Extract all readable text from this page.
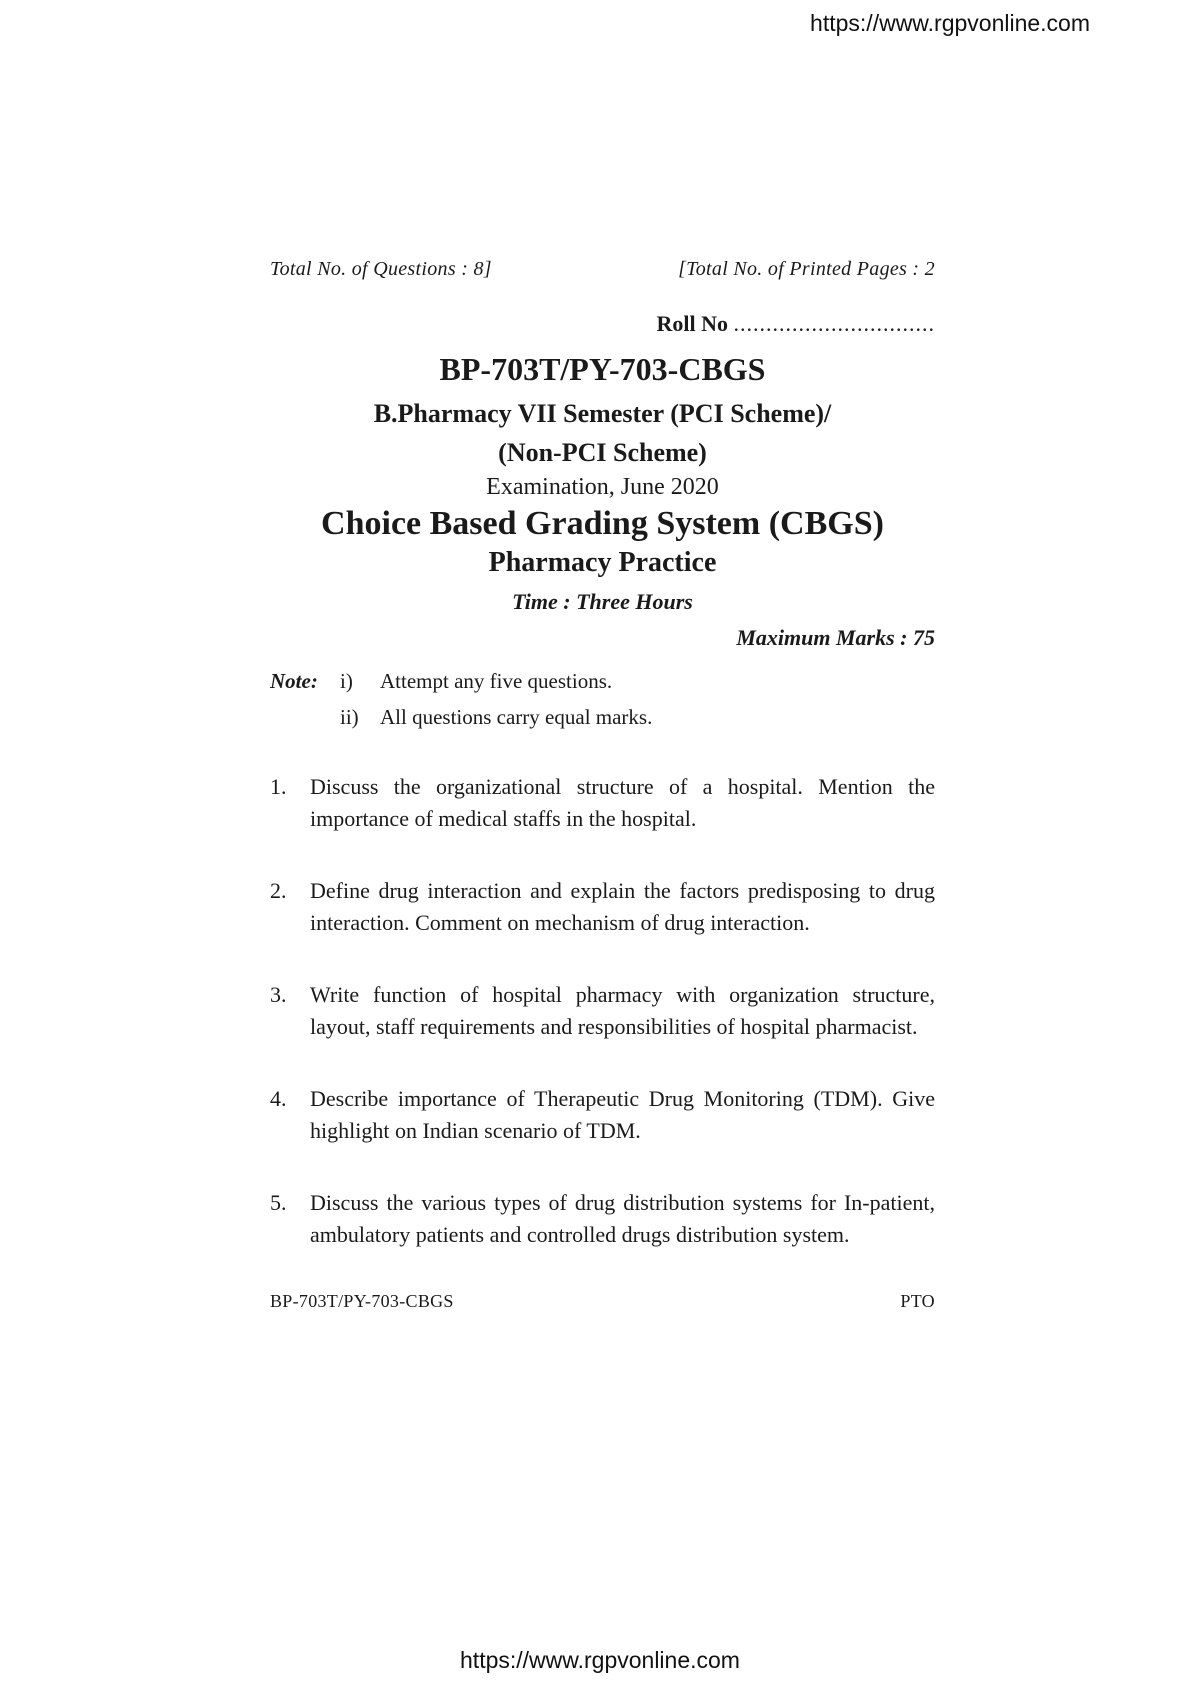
https://www.rgpvonline.com
Total No. of Questions : 8]	[Total No. of Printed Pages : 2
Roll No ...............................
BP-703T/PY-703-CBGS
B.Pharmacy VII Semester (PCI Scheme)/
(Non-PCI Scheme)
Examination, June 2020
Choice Based Grading System (CBGS)
Pharmacy Practice
Time : Three Hours
Maximum Marks : 75
Note:	i)	Attempt any five questions.
ii)	All questions carry equal marks.
1.	Discuss the organizational structure of a hospital. Mention the importance of medical staffs in the hospital.
2.	Define drug interaction and explain the factors predisposing to drug interaction. Comment on mechanism of drug interaction.
3.	Write function of hospital pharmacy with organization structure, layout, staff requirements and responsibilities of hospital pharmacist.
4.	Describe importance of Therapeutic Drug Monitoring (TDM). Give highlight on Indian scenario of TDM.
5.	Discuss the various types of drug distribution systems for In-patient, ambulatory patients and controlled drugs distribution system.
BP-703T/PY-703-CBGS	PTO
https://www.rgpvonline.com
